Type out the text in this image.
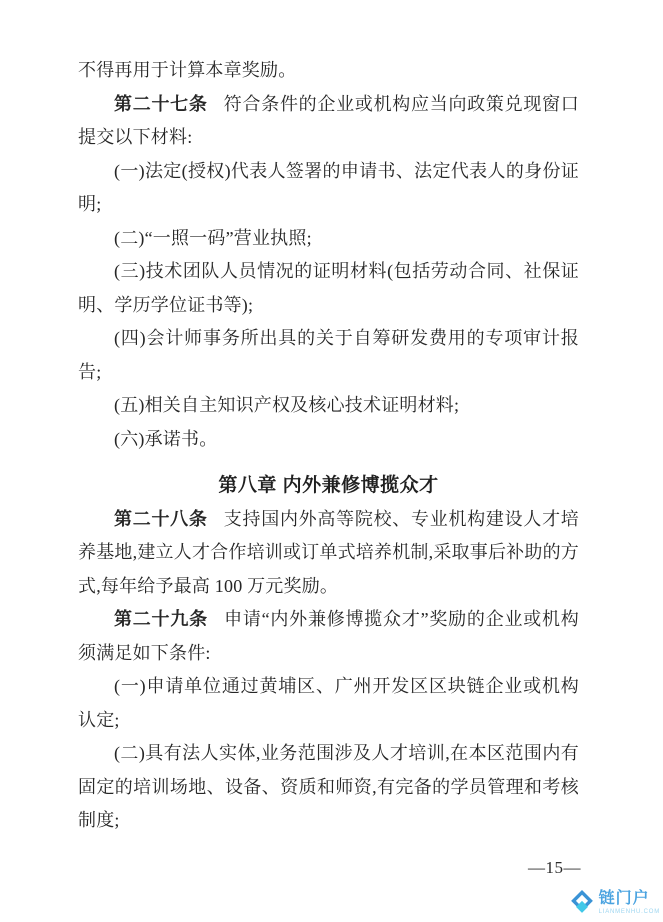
不得再用于计算本章奖励。

第二十七条 符合条件的企业或机构应当向政策兑现窗口提交以下材料:

(一)法定(授权)代表人签署的申请书、法定代表人的身份证明;

(二)“一照一码”营业执照;

(三)技术团队人员情况的证明材料(包括劳动合同、社保证明、学历学位证书等);

(四)会计师事务所出具的关于自筹研发费用的专项审计报告;

(五)相关自主知识产权及核心技术证明材料;

(六)承诺书。

第八章 内外兼修博揽众才

第二十八条 支持国内外高等院校、专业机构建设人才培养基地,建立人才合作培训或订单式培养机制,采取事后补助的方式,每年给予最高 100 万元奖励。

第二十九条 申请“内外兼修博揽众才”奖励的企业或机构须满足如下条件:

(一)申请单位通过黄埔区、广州开发区区块链企业或机构认定;

(二)具有法人实体,业务范围涉及人才培训,在本区范围内有固定的培训场地、设备、资质和师资,有完备的学员管理和考核制度;

—15—
链门户
LIANMENHU.COM
